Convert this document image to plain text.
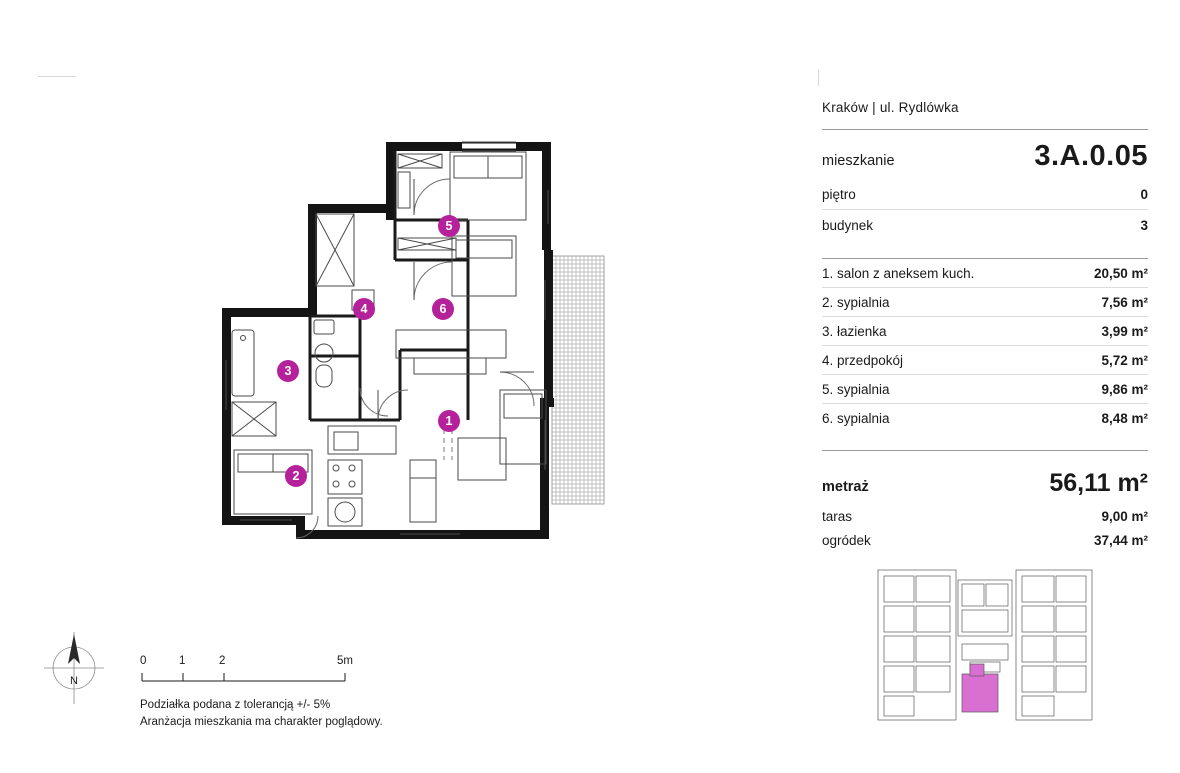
1
2
3
4
5
6
Kraków | ul. Rydlówka
mieszkanie	3.A.0.05
piętro	0
budynek	3
1. salon z aneksem kuch.	20,50 m²
2. sypialnia	7,56 m²
3. łazienka	3,99 m²
4. przedpokój	5,72 m²
5. sypialnia	9,86 m²
6. sypialnia	8,48 m²
metraż	56,11 m²
taras	9,00 m²
ogródek	37,44 m²
N
0	1	2	5m
Podziałka podana z tolerancją +/- 5%
Aranżacja mieszkania ma charakter poglądowy.
